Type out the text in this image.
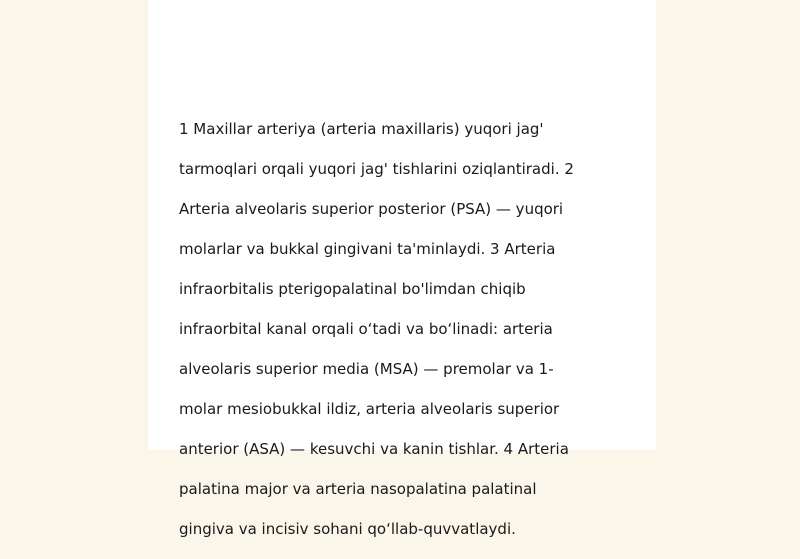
1 Maxillar arteriya (arteria maxillaris) yuqori jag'

tarmoqlari orqali yuqori jag' tishlarini oziqlantiradi. 2

Arteria alveolaris superior posterior (PSA) — yuqori

molarlar va bukkal gingivani ta'minlaydi. 3 Arteria

infraorbitalis pterigopalatinal bo'limdan chiqib

infraorbital kanal orqali o‘tadi va bo‘linadi: arteria

alveolaris superior media (MSA) — premolar va 1-

molar mesiobukkal ildiz, arteria alveolaris superior

anterior (ASA) — kesuvchi va kanin tishlar. 4 Arteria

palatina major va arteria nasopalatina palatinal

gingiva va incisiv sohani qo‘llab-quvvatlaydi.
